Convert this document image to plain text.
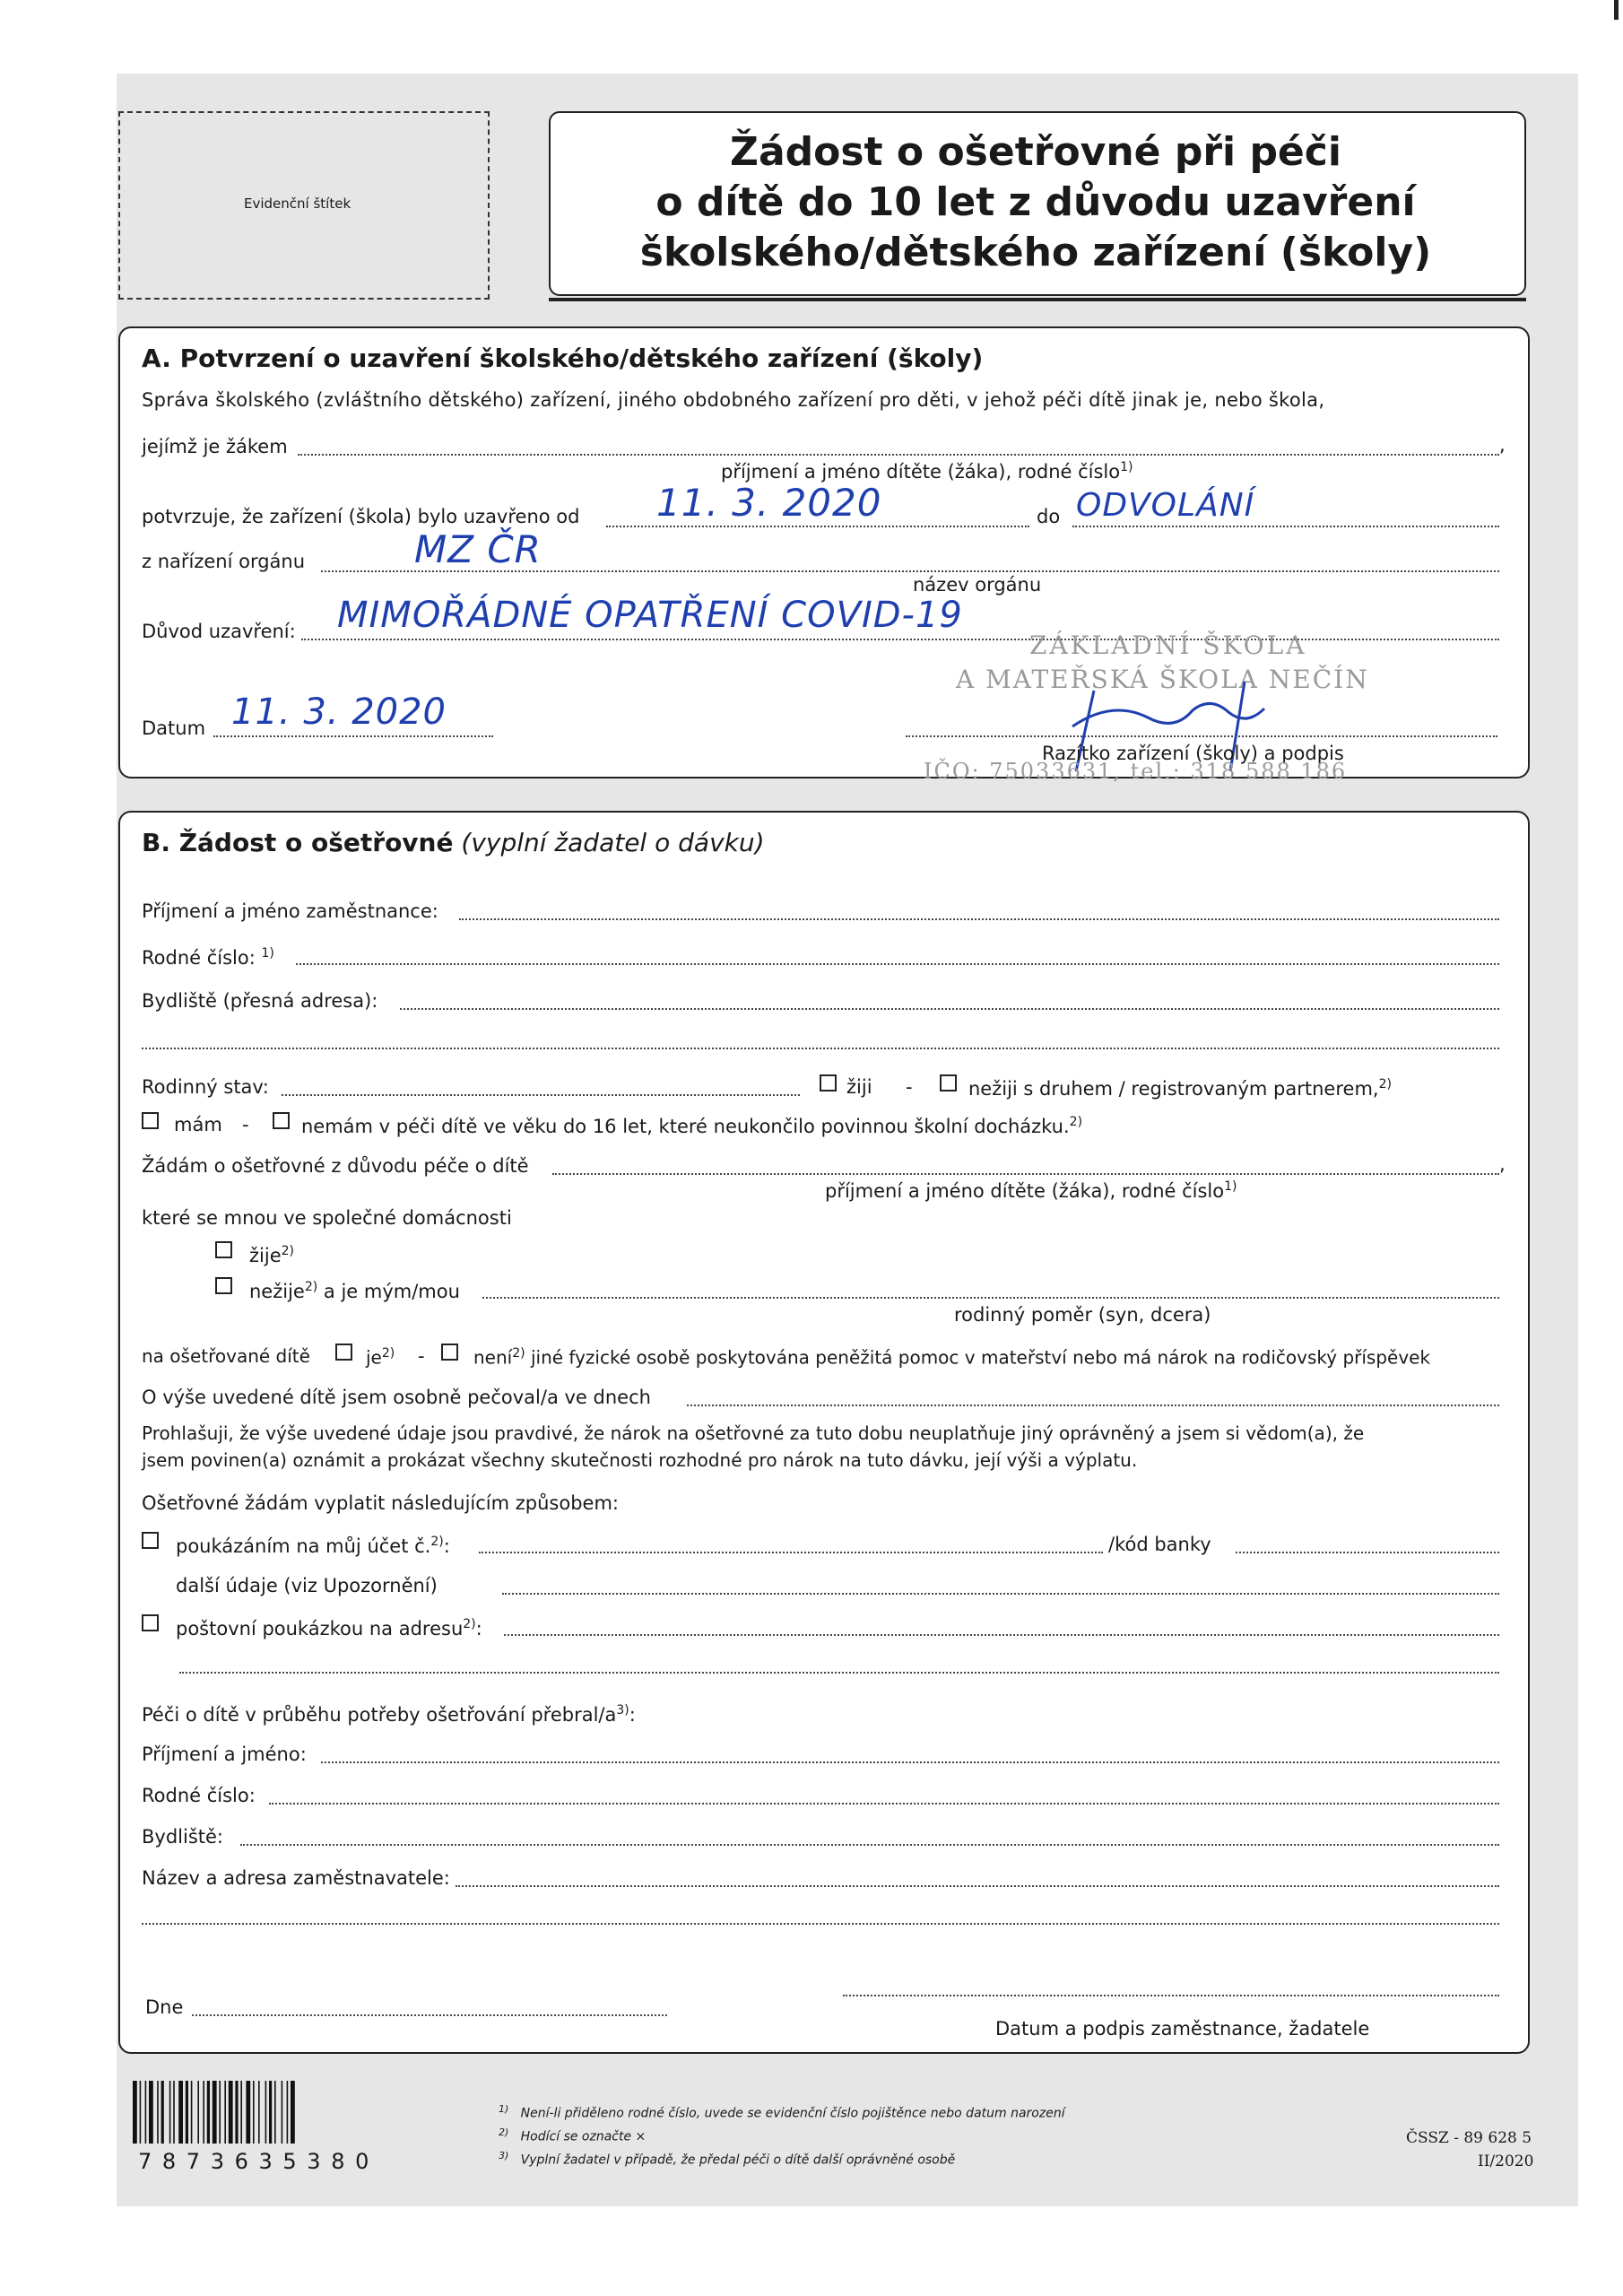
Evidenční štítek
Žádost o ošetřovné při péči
o dítě do 10 let z důvodu uzavření
školského/dětského zařízení (školy)
A. Potvrzení o uzavření školského/dětského zařízení (školy)
Správa školského (zvláštního dětského) zařízení, jiného obdobného zařízení pro děti, v jehož péči dítě jinak je, nebo škola,
jejímž je žákem	,
příjmení a jméno dítěte (žáka), rodné číslo$^{1)}$
potvrzuje, že zařízení (škola) bylo uzavřeno od 11. 3. 2020	do ODVOLÁNÍ
z nařízení orgánu	MZ ČR
název orgánu
Důvod uzavření: MIMOŘÁDNÉ OPATŘENÍ COVID-19
ZÁKLADNÍ ŠKOLA
A MATEŘSKÁ ŠKOLA NEČÍN
Datum 11. 3. 2020
Razítko zařízení (školy) a podpis
IČO: 75033631, tel.: 318 588 186
B. Žádost o ošetřovné (vyplní žadatel o dávku)
Příjmení a jméno zaměstnance:
Rodné číslo: $^{1)}$
Bydliště (přesná adresa):
Rodinný stav:	žiji -	nežiji s druhem / registrovaným partnerem,$^{2)}$
mám -	nemám v péči dítě ve věku do 16 let, které neukončilo povinnou školní docházku.$^{2)}$
Žádám o ošetřovné z důvodu péče o dítě	,
příjmení a jméno dítěte (žáka), rodné číslo$^{1)}$
které se mnou ve společné domácnosti
žije$^{2)}$
nežije$^{2)}$ a je mým/mou
rodinný poměr (syn, dcera)
na ošetřované dítě	$je^{2)}$ -	není$^{2)}$ jiné fyzické osobě poskytována peněžitá pomoc v mateřství nebo má nárok na rodičovský příspěvek
O výše uvedené dítě jsem osobně pečoval/a ve dnech
Prohlašuji, že výše uvedené údaje jsou pravdivé, že nárok na ošetřovné za tuto dobu neuplatňuje jiný oprávněný a jsem si vědom(a), že
jsem povinen(a) oznámit a prokázat všechny skutečnosti rozhodné pro nárok na tuto dávku, její výši a výplatu.
Ošetřovné žádám vyplatit následujícím způsobem:
poukázáním na můj účet č.$^{2)}$:	/kód banky
další údaje (viz Upozornění)
poštovní poukázkou na adresu$^{2)}$:
Péči o dítě v průběhu potřeby ošetřování přebral/$a^{3)}$:
Příjmení a jméno:
Rodné číslo:
Bydliště:
Název a adresa zaměstnavatele:
Dne
Datum a podpis zaměstnance, žadatele
7 8 7 3 6 3 5 3 8 0
$^{1)}$ Není-li přiděleno rodné číslo, uvede se evidenční číslo pojištěnce nebo datum narození
$^{2)}$ Hodící se označte ×
$^{3)}$ Vyplní žadatel v případě, že předal péči o dítě další oprávněné osobě
ČSSZ - 89 628 5
II/2020
